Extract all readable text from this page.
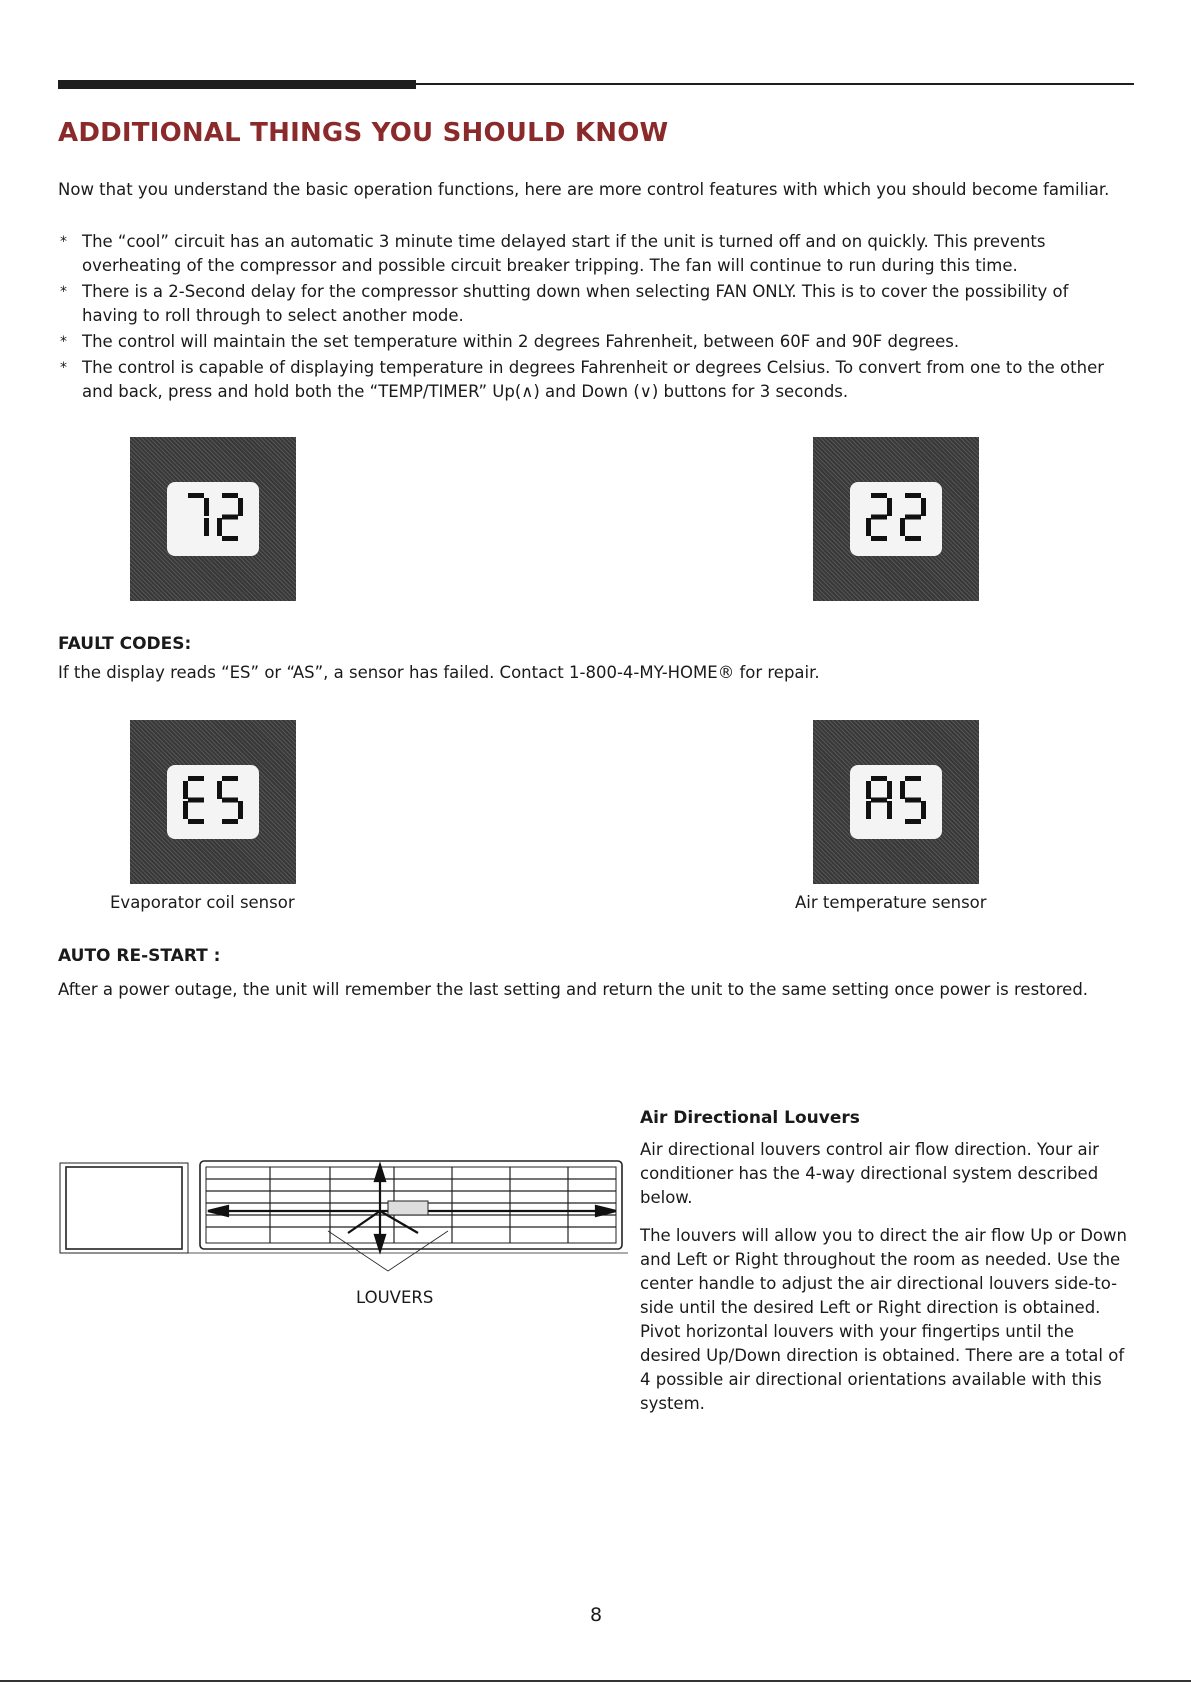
ADDITIONAL THINGS YOU SHOULD KNOW

Now that you understand the basic operation functions, here are more control features with which you should become familiar.

* The “cool” circuit has an automatic 3 minute time delayed start if the unit is turned off and on quickly. This prevents overheating of the compressor and possible circuit breaker tripping. The fan will continue to run during this time.
* There is a 2-Second delay for the compressor shutting down when selecting FAN ONLY. This is to cover the possibility of having to roll through to select another mode.
* The control will maintain the set temperature within 2 degrees Fahrenheit, between 60F and 90F degrees.
* The control is capable of displaying temperature in degrees Fahrenheit or degrees Celsius. To convert from one to the other and back, press and hold both the “TEMP/TIMER” Up(∧) and Down (∨) buttons for 3 seconds.
FAULT CODES:

If the display reads “ES” or “AS”, a sensor has failed. Contact 1-800-4-MY-HOME® for repair.

Evaporator coil sensor	Air temperature sensor

AUTO RE-START :

After a power outage, the unit will remember the last setting and return the unit to the same setting once power is restored.

LOUVERS

Air Directional Louvers

Air directional louvers control air flow direction. Your air conditioner has the 4-way directional system described below.

The louvers will allow you to direct the air flow Up or Down and Left or Right throughout the room as needed. Use the center handle to adjust the air directional louvers side-to-side until the desired Left or Right direction is obtained. Pivot horizontal louvers with your fingertips until the desired Up/Down direction is obtained. There are a total of 4 possible air directional orientations available with this system.

8
